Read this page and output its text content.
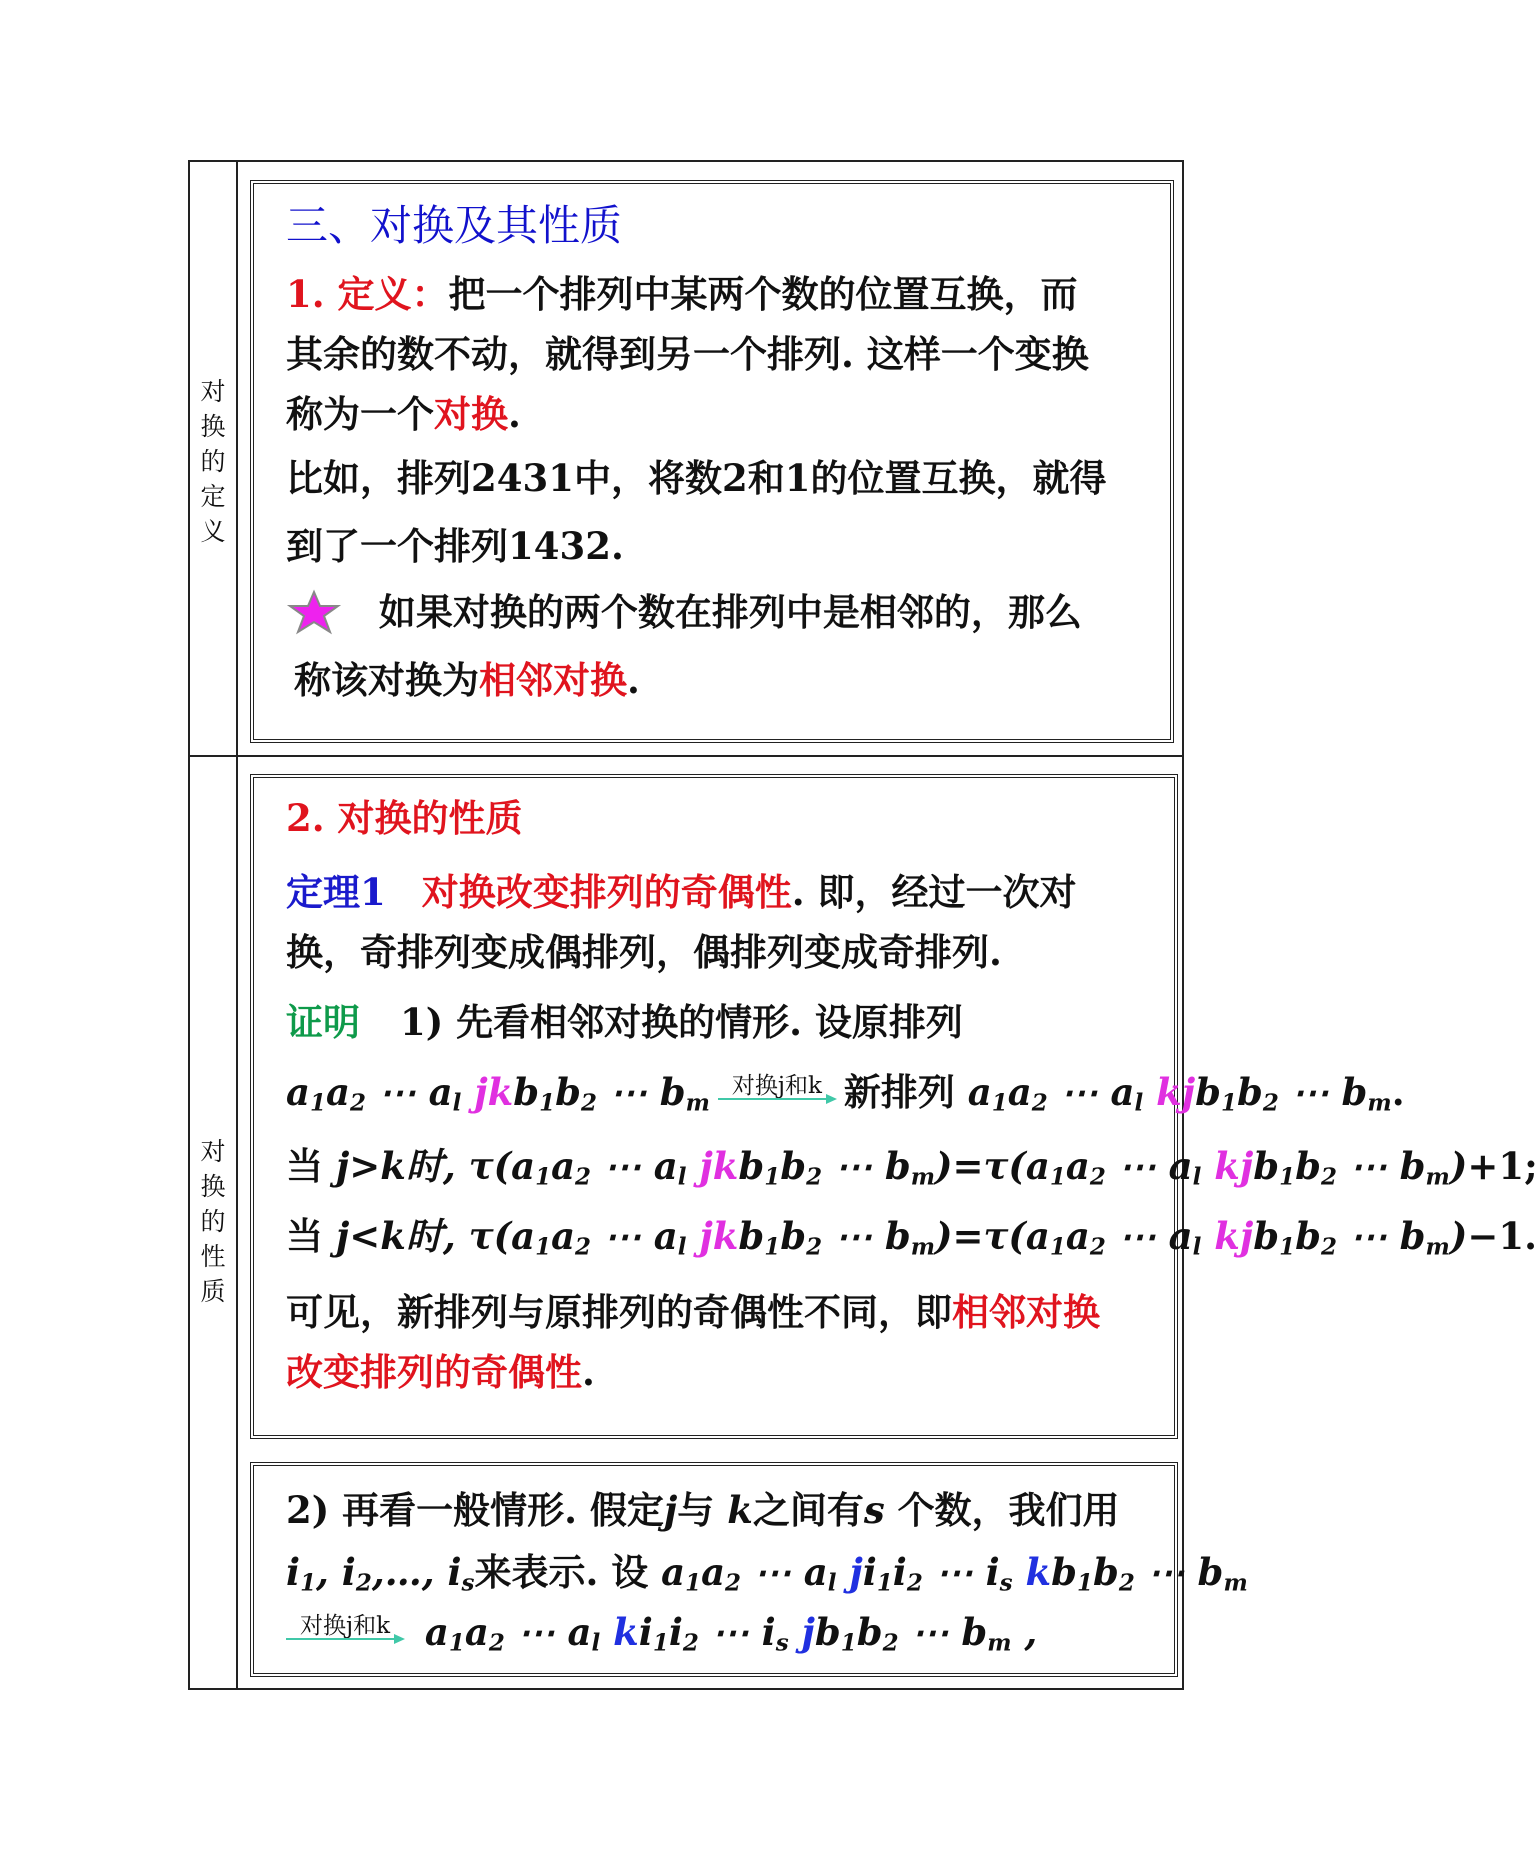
对
换
的
定
义
对
换
的
性
质
三、对换及其性质
1. 定义：把一个排列中某两个数的位置互换，而
其余的数不动，就得到另一个排列. 这样一个变换
称为一个对换.
比如，排列2431中，将数2和1的位置互换，就得
到了一个排列1432.
如果对换的两个数在排列中是相邻的，那么
称该对换为相邻对换.
2. 对换的性质
定理1 对换改变排列的奇偶性. 即，经过一次对
换，奇排列变成偶排列，偶排列变成奇排列.
证明 1) 先看相邻对换的情形. 设原排列
$a_1a_2$ ⋯ $a_l$ $jkb_1b_2$ ⋯ $b_m$
对换j和k 新排列 $a_1a_2$ ⋯ $a_l$ $kjb_1b_2$ ⋯ $b_m$.
当 j>k时, $\tau(a_1a_2$ ⋯ $a_l$ $jkb_1b_2$ ⋯ $b_m)=\tau(a_1a_2$ ⋯ $a_l$ $kjb_1b_2$ ⋯ $b_m)+1$;
当 j<k时, $\tau(a_1a_2$ ⋯ $a_l$ $jkb_1b_2$ ⋯ $b_m)=\tau(a_1a_2$ ⋯ $a_l$ $kjb_1b_2$ ⋯ $b_m)-1$.
可见，新排列与原排列的奇偶性不同，即相邻对换
改变排列的奇偶性.
2) 再看一般情形. 假定j与 k之间有s 个数，我们用
$i_1$, $i_2,\dots$, $i_s$来表示. 设 $a_1a_2$ ⋯ $a_l$ $ji_1i_2$ ⋯ $i_s$ $kb_1b_2$ ⋯ $b_m$
对换j和k $a_1a_2$ ⋯ $a_l$ $ki_1i_2$ ⋯ $i_s$ $jb_1b_2$ ⋯ $b_m$ ,
